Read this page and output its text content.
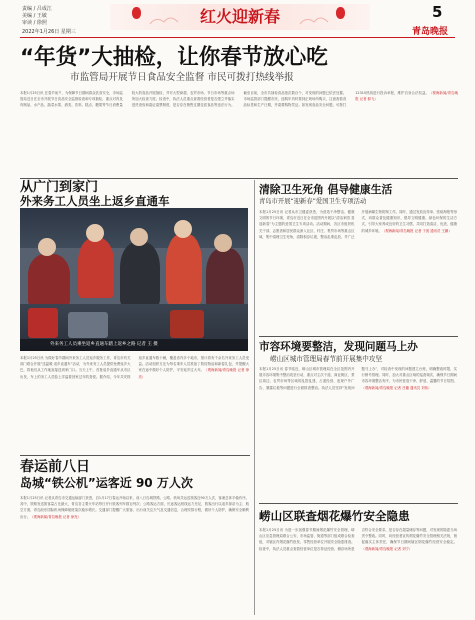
责编 / 吕成江
美编 / 王敏
审读 / 徐照
2022年1月26日 星期三
红火迎新春	5
青岛晚报
“年货”大抽检，让你春节放心吃
市监管局开展节日食品安全监督 市民可拨打热线举报
本报1月25日讯 在春节前夕，为保障节日期间群众饮食安全，市场监管局近日在全市开展节日食品安全监督检查和专项抽检，重点对肉及肉制品、水产品、蔬菜水果、酒类、饮料、糕点、糖果等节日消费量较大的食品开展抽检，并对大型商超、农贸市场、节日市场等重点场所加大检查力度。检查中，执法人员重点查看经营者是否建立并落实进货查验和索证索票制度，是否存在销售过期变质食品等违法行为。截至目前，全市共抽检食品批次数百个，对发现的问题已依法处置。市场监管部门提醒市民，选购年货时要到正规场所购买，注意查看食品标签和生产日期，并索要购物凭证。如发现食品安全问题，可拨打12315热线进行投诉举报，维护自身合法权益。（观海新闻/青岛晚报 记者 薛飞）
从广门到家门
外来务工人员坐上返乡直通车
外来务工人员乘坐返乡直通车踏上返乡之路 记者 王 摄
本报1月25日讯 为做好春节期间外来务工人员返乡服务工作，青岛市有关部门联合开展“送温暖 返乡直通车”活动，为外来务工人员提供免费返乡大巴，将他们从工作地直接送到家门口。当天上午，首批返乡直通车从市区出发，车上的务工人员脸上洋溢着回家过年的喜悦。据介绍，今年共安排返乡直通车数十辆，覆盖省内多个地市，预计将有千余名外来务工人员受益。活动组织方还为每名乘车人员准备了防疫物品和新春礼包，并提醒大家在途中做好个人防护，平安返乡过大年。（观海新闻/青岛晚报 记者 徐亮）
春运前八日
岛城“铁公机”运客近 90 万人次
本报1月25日讯 记者从青岛市交通运输部门获悉，自1月17日春运开始以来，前八日岛城铁路、公路、机场共运送旅客近90万人次，客流总体平稳有序。其中，铁路发送旅客量占比最大，青岛各主要火车站每日开行旅客列车数百列次；公路客运方面，长途客运班线运力充足，旅客出行以返乡探亲为主；航空方面，青岛胶东国际机场保障航班架次稳步增长。交通部门提醒广大旅客，出行前关注天气及交通信息，合理安排行程，做好个人防护，确保安全顺利出行。（观海新闻/青岛晚报 记者 徐亮）
清除卫生死角 倡导健康生活
青岛市开展“迎新春”爱国卫生专项活动
本报1月25日讯 记者从市卫健委获悉，为营造干净整洁、健康文明的节日环境，青岛市近日在全市范围内开展以“清洁家园 喜迎新春”为主题的爱国卫生专项活动。活动期间，各区市组织机关干部、志愿者和居民群众深入社区、村庄、集贸市场等重点区域，集中清理卫生死角，清除积存垃圾，整治乱堆乱放，并广泛开展病媒生物防制工作。同时，通过发放宣传单、张贴海报等形式，向群众普及健康知识，倡导文明健康、绿色环保的生活方式，引导大家养成良好的卫生习惯，共同打造清洁、优美、健康的城乡环境。（观海新闻/青岛晚报 记者 于波 通讯员 王鹏）
市容环境要整洁，发现问题马上办
崂山区城市管理局春节前开展集中攻坚
本报1月25日讯 春节临近，崂山区城市管理局在全区范围内开展市容环境集中整治攻坚行动，重点对主次干道、商业街区、景区周边、农贸市场等区域的乱搭乱建、占道经营、违规户外广告、暴露垃圾等问题进行全面排查整治。执法人员坚持“发现问题马上办”，对检查中发现的问题建立台账，明确整改时限，实行销号管理。同时，加大对重点区域的巡查频次，确保节日期间市容环境整洁有序，为市民营造干净、舒适、温馨的节日氛围。（观海新闻/青岛晚报 记者 吕璐 通讯员 刘伟）
崂山区联查烟花爆竹安全隐患
本报1月25日讯 为进一步加强春节期间烟花爆竹安全管理，崂山区应急管理局联合公安、市场监管、街道等部门组成联合检查组，对辖区内烟花爆竹批发、零售经营单位开展安全隐患排查。检查中，执法人员重点查看经营单位是否持证经营、储存场所是否符合安全要求、是否存在超量储存等问题，对发现的隐患当场责令整改。同时，向经营者宣传烟花爆竹安全管理相关法规，督促落实主体责任，确保节日期间辖区烟花爆竹经营安全稳定。（观海新闻/青岛晚报 记者 刘宁）
